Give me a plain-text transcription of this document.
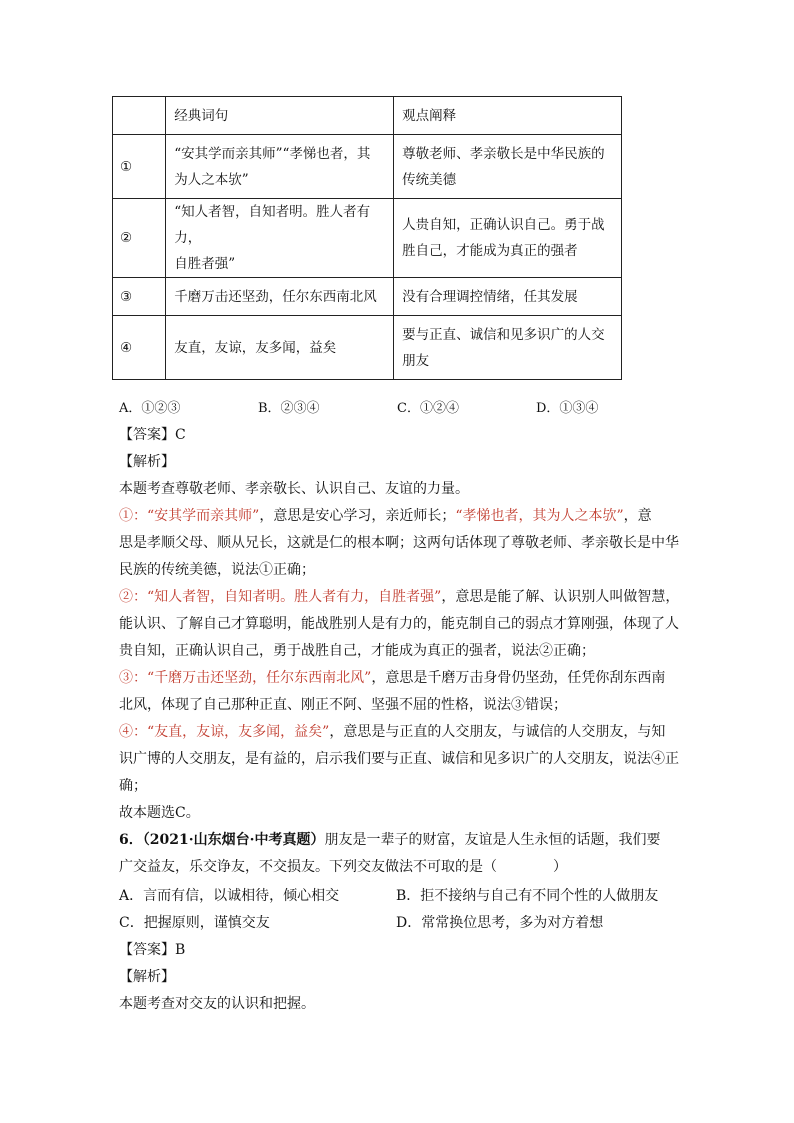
	经典词句	观点阐释
①	“安其学而亲其师”“孝悌也者，其
为人之本欤”	尊敬老师、孝亲敬长是中华民族的
传统美德
②	“知人者智，自知者明。胜人者有力，
自胜者强”	人贵自知，正确认识自己。勇于战
胜自己，才能成为真正的强者
③	千磨万击还坚劲，任尔东西南北风	没有合理调控情绪，任其发展
④	友直，友谅，友多闻，益矣	要与正直、诚信和见多识广的人交
朋友
A．①②③	B．②③④	C．①②④	D．①③④
【答案】C
【解析】
本题考查尊敬老师、孝亲敬长、认识自己、友谊的力量。
①：“安其学而亲其师”，意思是安心学习，亲近师长；“孝悌也者，其为人之本欤”，意
思是孝顺父母、顺从兄长，这就是仁的根本啊；这两句话体现了尊敬老师、孝亲敬长是中华
民族的传统美德，说法①正确；
②：“知人者智，自知者明。胜人者有力，自胜者强”，意思是能了解、认识别人叫做智慧，
能认识、了解自己才算聪明，能战胜别人是有力的，能克制自己的弱点才算刚强，体现了人
贵自知，正确认识自己，勇于战胜自己，才能成为真正的强者，说法②正确；
③：“千磨万击还坚劲，任尔东西南北风”，意思是千磨万击身骨仍坚劲，任凭你刮东西南
北风，体现了自己那种正直、刚正不阿、坚强不屈的性格，说法③错误；
④：“友直，友谅，友多闻，益矣”，意思是与正直的人交朋友，与诚信的人交朋友，与知
识广博的人交朋友，是有益的，启示我们要与正直、诚信和见多识广的人交朋友，说法④正
确；
故本题选C。
6．（2021·山东烟台·中考真题）朋友是一辈子的财富，友谊是人生永恒的话题，我们要
广交益友，乐交诤友，不交损友。下列交友做法不可取的是（　　　　）
A．言而有信，以诚相待，倾心相交	B．拒不接纳与自己有不同个性的人做朋友
C．把握原则，谨慎交友	D．常常换位思考，多为对方着想
【答案】B
【解析】
本题考查对交友的认识和把握。
